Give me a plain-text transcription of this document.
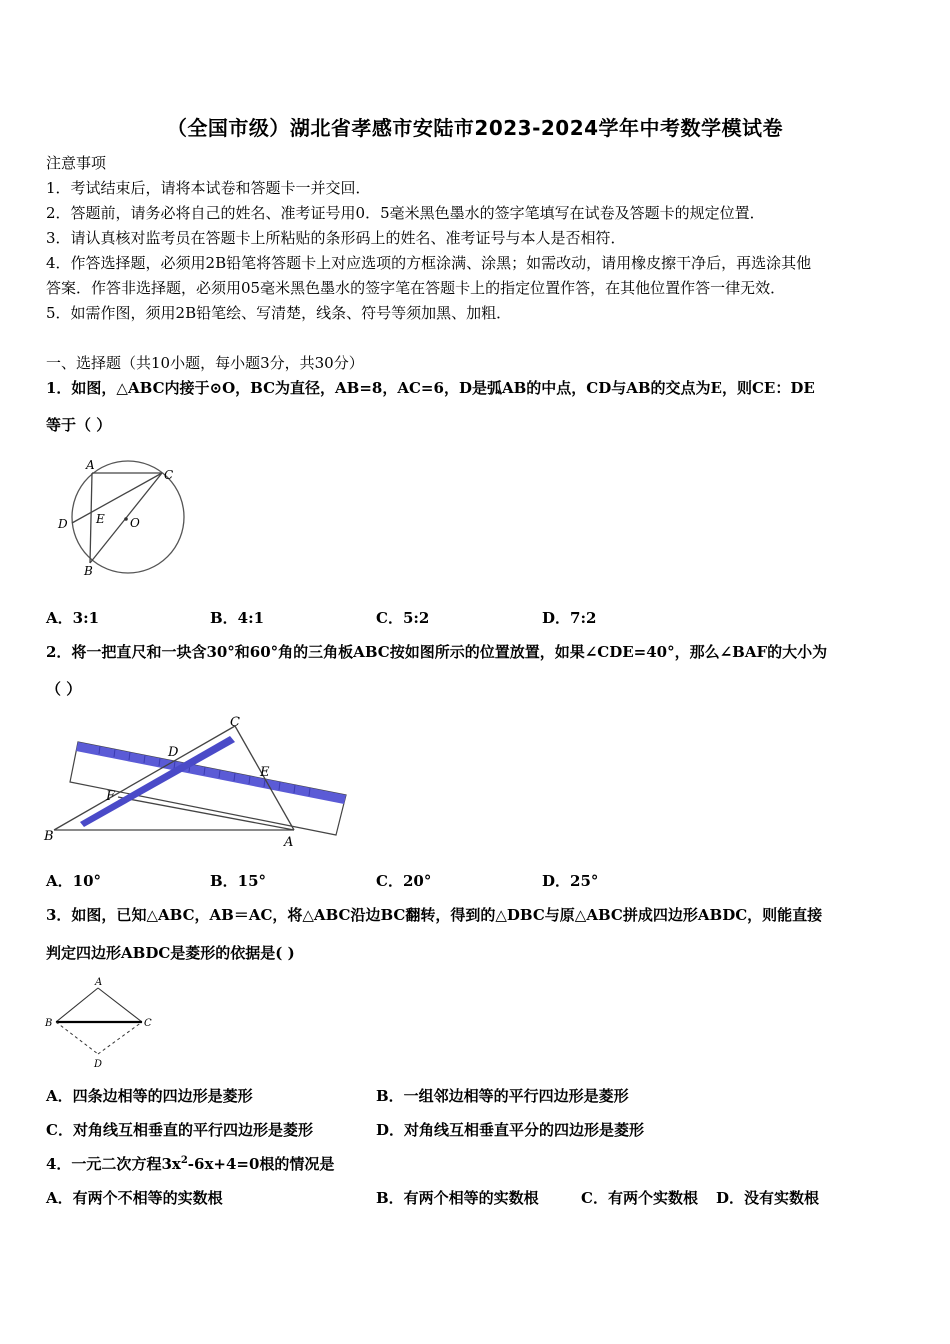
（全国市级）湖北省孝感市安陆市2023-2024学年中考数学模试卷
注意事项
1．考试结束后，请将本试卷和答题卡一并交回．
2．答题前，请务必将自己的姓名、准考证号用0．5毫米黑色墨水的签字笔填写在试卷及答题卡的规定位置．
3．请认真核对监考员在答题卡上所粘贴的条形码上的姓名、准考证号与本人是否相符．
4．作答选择题，必须用2B铅笔将答题卡上对应选项的方框涂满、涂黑；如需改动，请用橡皮擦干净后，再选涂其他
答案．作答非选择题，必须用05毫米黑色墨水的签字笔在答题卡上的指定位置作答，在其他位置作答一律无效．
5．如需作图，须用2B铅笔绘、写清楚，线条、符号等须加黑、加粗．
一、选择题（共10小题，每小题3分，共30分）
1．如图，△ABC内接于⊙O，BC为直径，AB=8，AC=6，D是弧AB的中点，CD与AB的交点为E，则CE：DE
等于（ ）
A
C
D E O
B
A．3:1	B．4:1	C．5:2	D．7:2
2．将一把直尺和一块含30°和60°角的三角板ABC按如图所示的位置放置，如果∠CDE=40°，那么∠BAF的大小为
（ ）
C
D
E
F
B	A
A．10°	B．15°	C．20°	D．25°
3．如图，已知△ABC，AB＝AC，将△ABC沿边BC翻转，得到的△DBC与原△ABC拼成四边形ABDC，则能直接
判定四边形ABDC是菱形的依据是( )
A
B	C
D
A．四条边相等的四边形是菱形	B．一组邻边相等的平行四边形是菱形
C．对角线互相垂直的平行四边形是菱形	D．对角线互相垂直平分的四边形是菱形
4．一元二次方程$3x^2-6x+4=0$根的情况是
A．有两个不相等的实数根	B．有两个相等的实数根	C．有两个实数根 D．没有实数根
